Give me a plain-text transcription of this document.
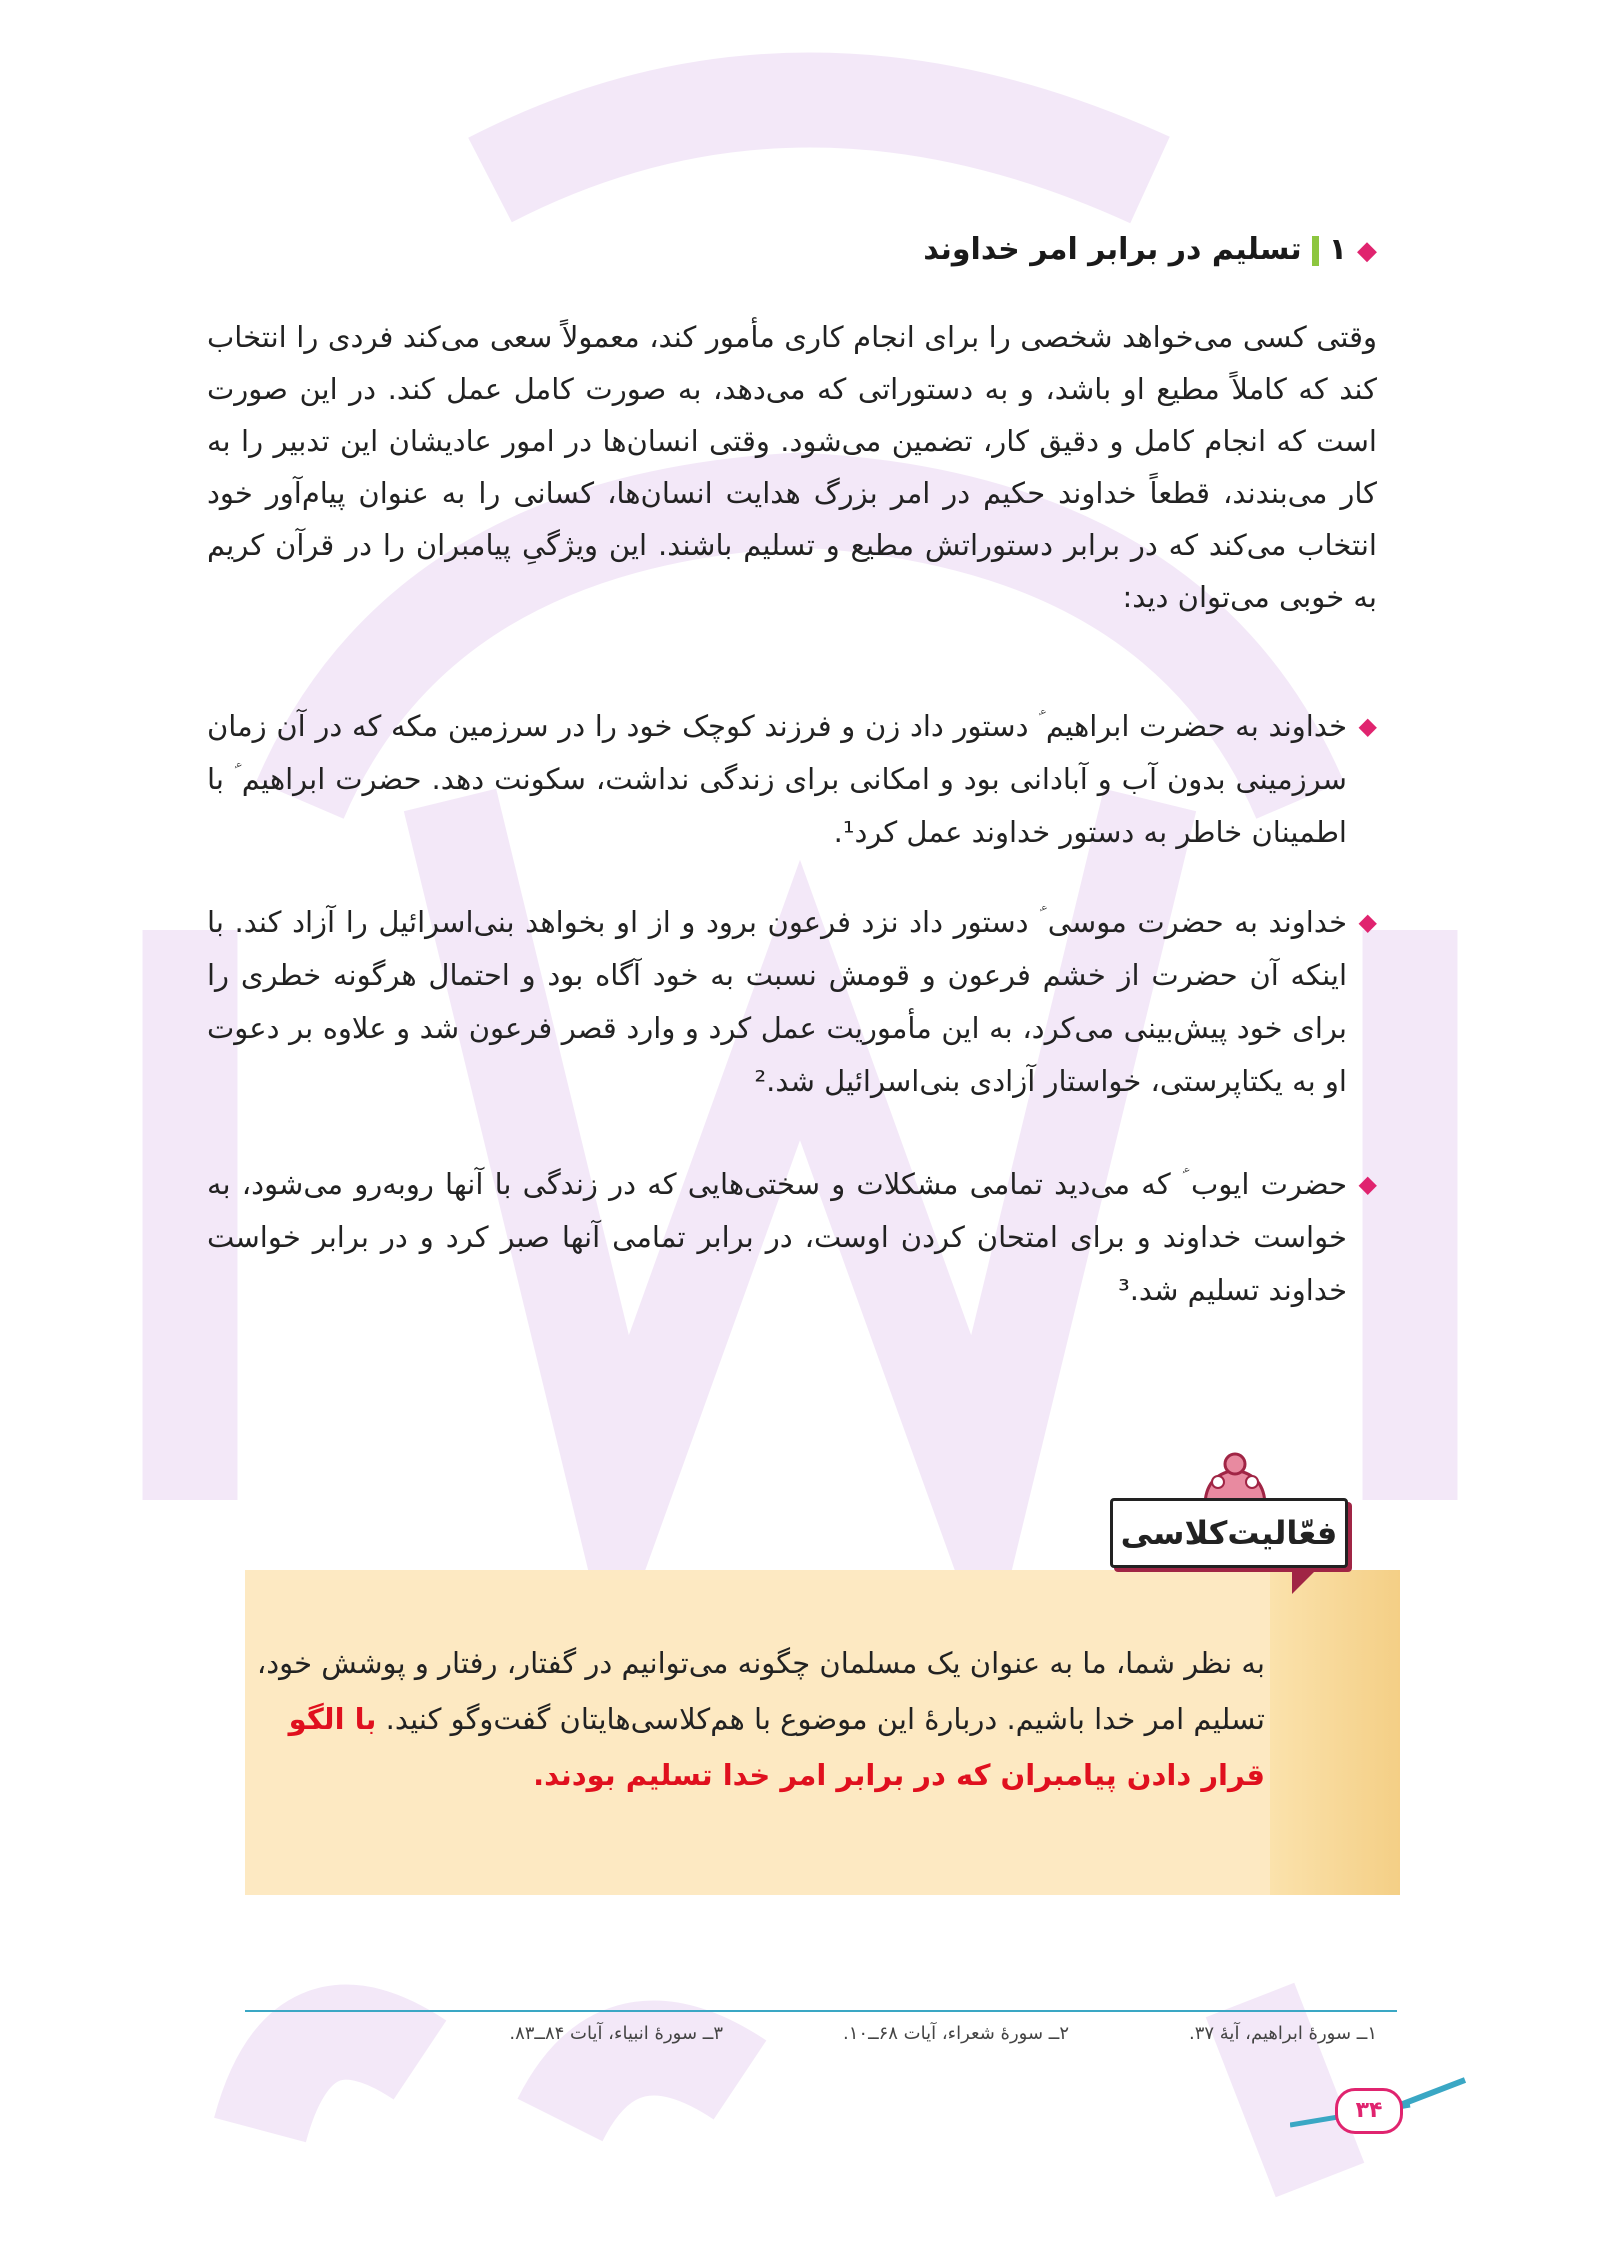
◆۱تسلیم در برابر امر خداوند

وقتی کسی می‌خواهد شخصی را برای انجام کاری مأمور کند، معمولاً سعی می‌کند فردی را انتخاب کند که کاملاً مطیع او باشد، و به دستوراتی که می‌دهد، به صورت کامل عمل کند. در این صورت است که انجام کامل و دقیق کار، تضمین می‌شود. وقتی انسان‌ها در امور عادیشان این تدبیر را به کار می‌بندند، قطعاً خداوند حکیم در امر بزرگ هدایت انسان‌ها، کسانی را به عنوان پیام‌آور خود انتخاب می‌کند که در برابر دستوراتش مطیع و تسلیم باشند. این ویژگیِ پیامبران را در قرآن کریم به خوبی می‌توان دید:

◆
خداوند به حضرت ابراهیم ؑ دستور داد زن و فرزند کوچک خود را در سرزمین مکه که در آن زمان سرزمینی بدون آب و آبادانی بود و امکانی برای زندگی نداشت، سکونت دهد. حضرت ابراهیم ؑ با اطمینان خاطر به دستور خداوند عمل کرد¹.
◆
خداوند به حضرت موسی ؑ دستور داد نزد فرعون برود و از او بخواهد بنی‌اسرائیل را آزاد کند. با اینکه آن حضرت از خشم فرعون و قومش نسبت به خود آگاه بود و احتمال هرگونه خطری را برای خود پیش‌بینی می‌کرد، به این مأموریت عمل کرد و وارد قصر فرعون شد و علاوه بر دعوت او به یکتاپرستی، خواستار آزادی بنی‌اسرائیل شد.²
◆
حضرت ایوب ؑ که می‌دید تمامی مشکلات و سختی‌هایی که در زندگی با آنها روبه‌رو می‌شود، به خواست خداوند و برای امتحان کردن اوست، در برابر تمامی آنها صبر کرد و در برابر خواست خداوند تسلیم شد.³
فعّالیت‌کلاسی
به نظر شما، ما به عنوان یک مسلمان چگونه می‌توانیم در گفتار، رفتار و پوشش خود، تسلیم امر خدا باشیم. دربارۀ این موضوع با هم‌کلاسی‌هایتان گفت‌وگو کنید. با الگو قرار دادن پیامبران که در برابر امر خدا تسلیم بودند.
۱ــ سورۀ ابراهیم، آیۀ ۳۷.
۲ــ سورۀ شعراء، آیات ۶۸ــ۱۰.
۳ــ سورۀ انبیاء، آیات ۸۴ــ۸۳.
۳۴
